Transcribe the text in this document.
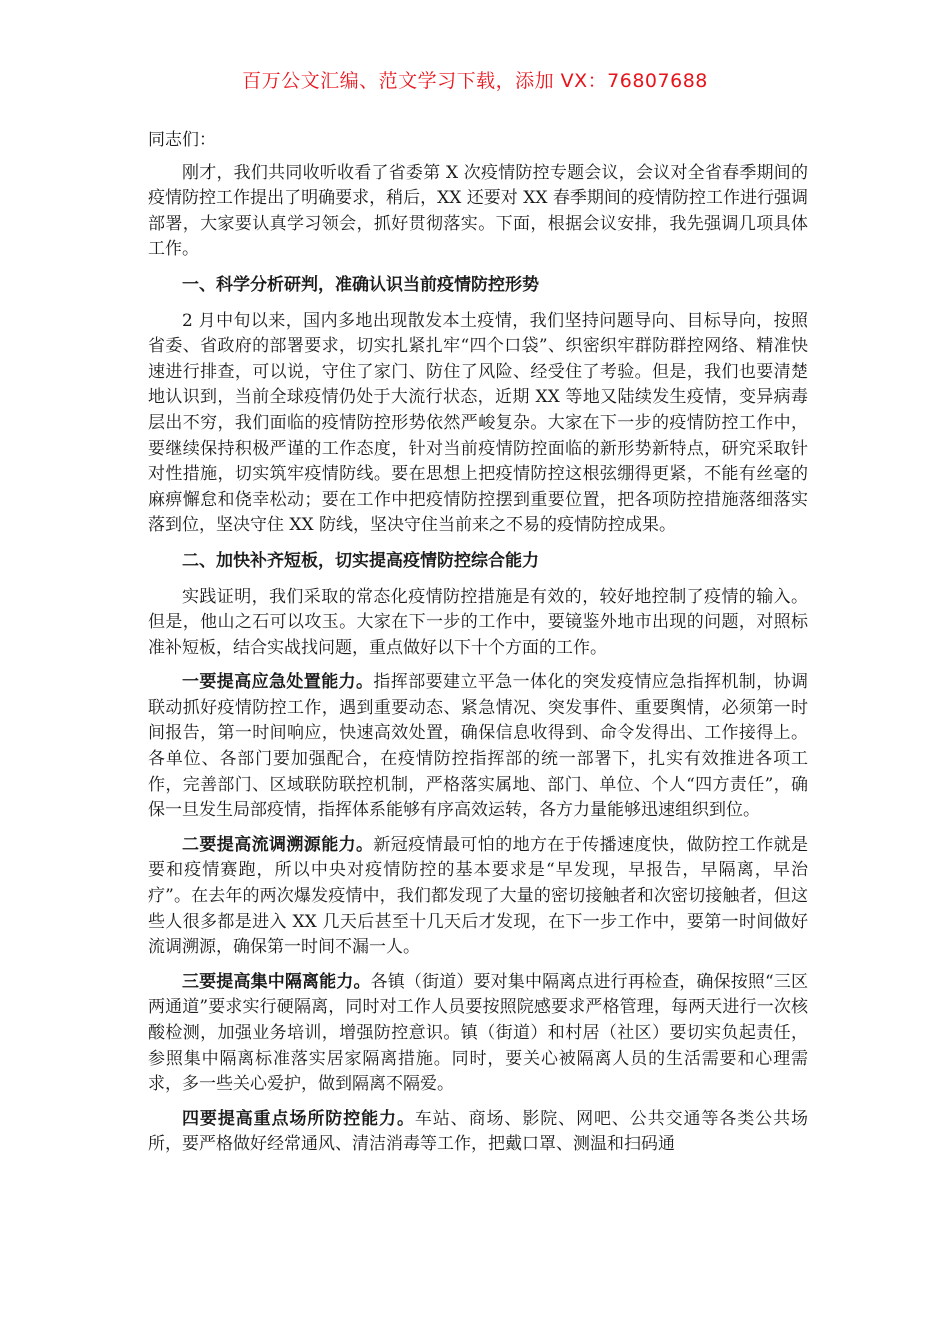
百万公文汇编、范文学习下载，添加 VX：76807688

同志们：

刚才，我们共同收听收看了省委第 X 次疫情防控专题会议，会议对全省春季期间的疫情防控工作提出了明确要求，稍后，XX 还要对 XX 春季期间的疫情防控工作进行强调部署，大家要认真学习领会，抓好贯彻落实。下面，根据会议安排，我先强调几项具体工作。

一、科学分析研判，准确认识当前疫情防控形势

2 月中旬以来，国内多地出现散发本土疫情，我们坚持问题导向、目标导向，按照省委、省政府的部署要求，切实扎紧扎牢“四个口袋”、织密织牢群防群控网络、精准快速进行排查，可以说，守住了家门、防住了风险、经受住了考验。但是，我们也要清楚地认识到，当前全球疫情仍处于大流行状态，近期 XX 等地又陆续发生疫情，变异病毒层出不穷，我们面临的疫情防控形势依然严峻复杂。大家在下一步的疫情防控工作中，要继续保持积极严谨的工作态度，针对当前疫情防控面临的新形势新特点，研究采取针对性措施，切实筑牢疫情防线。要在思想上把疫情防控这根弦绷得更紧，不能有丝毫的麻痹懈怠和侥幸松动；要在工作中把疫情防控摆到重要位置，把各项防控措施落细落实落到位，坚决守住 XX 防线，坚决守住当前来之不易的疫情防控成果。

二、加快补齐短板，切实提高疫情防控综合能力

实践证明，我们采取的常态化疫情防控措施是有效的，较好地控制了疫情的输入。但是，他山之石可以攻玉。大家在下一步的工作中，要镜鉴外地市出现的问题，对照标准补短板，结合实战找问题，重点做好以下十个方面的工作。

一要提高应急处置能力。指挥部要建立平急一体化的突发疫情应急指挥机制，协调联动抓好疫情防控工作，遇到重要动态、紧急情况、突发事件、重要舆情，必须第一时间报告，第一时间响应，快速高效处置，确保信息收得到、命令发得出、工作接得上。各单位、各部门要加强配合，在疫情防控指挥部的统一部署下，扎实有效推进各项工作，完善部门、区域联防联控机制，严格落实属地、部门、单位、个人“四方责任”，确保一旦发生局部疫情，指挥体系能够有序高效运转，各方力量能够迅速组织到位。

二要提高流调溯源能力。新冠疫情最可怕的地方在于传播速度快，做防控工作就是要和疫情赛跑，所以中央对疫情防控的基本要求是“早发现，早报告，早隔离，早治疗”。在去年的两次爆发疫情中，我们都发现了大量的密切接触者和次密切接触者，但这些人很多都是进入 XX 几天后甚至十几天后才发现，在下一步工作中，要第一时间做好流调溯源，确保第一时间不漏一人。

三要提高集中隔离能力。各镇（街道）要对集中隔离点进行再检查，确保按照“三区两通道”要求实行硬隔离，同时对工作人员要按照院感要求严格管理，每两天进行一次核酸检测，加强业务培训，增强防控意识。镇（街道）和村居（社区）要切实负起责任，参照集中隔离标准落实居家隔离措施。同时，要关心被隔离人员的生活需要和心理需求，多一些关心爱护，做到隔离不隔爱。

四要提高重点场所防控能力。车站、商场、影院、网吧、公共交通等各类公共场所，要严格做好经常通风、清洁消毒等工作，把戴口罩、测温和扫码通
